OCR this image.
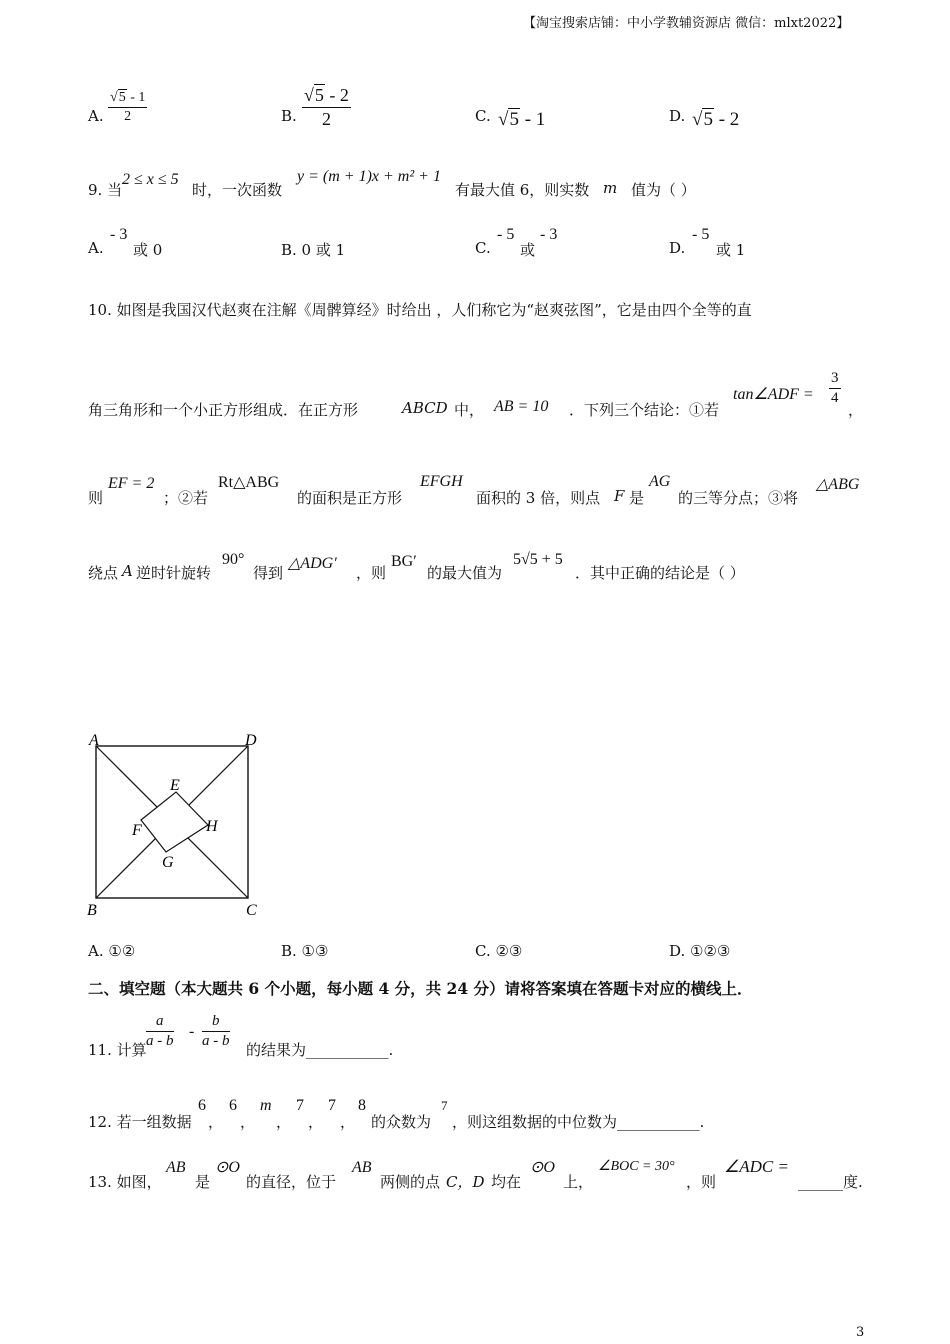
【淘宝搜索店铺：中小学教辅资源店 微信：mlxt2022】
A. $\frac{√5 - 1}{2}$	B. $\frac{√5 - 2}{2}$	C. √5 - 1	D. √5 - 2
9. 当
2 ≤ x ≤ 5
时，一次函数
y = (m + 1)x + m² + 1
有最大值 6，则实数 m 值为（ ）
A.
- 3
或 0	B. 0 或 1	C.
- 5
或
- 3
D.
- 5
或 1
10. 如图是我国汉代赵爽在注解《周髀算经》时给出 ，人们称它为“赵爽弦图”，它是由四个全等的直
角三角形和一个小正方形组成．在正方形	ABCD 中， AB = 10 ．下列三个结论：①若
tan∠ADF = $\frac{3}{4}$
，
则
EF = 2
；②若
Rt△ABG
的面积是正方形
EFGH
面积的 3 倍，则点 F 是
AG
的三等分点；③将
△ABG
绕点 A 逆时针旋转
90°
得到
△ADG′
，则
BG′
的最大值为
5√5 + 5
．其中正确的结论是（ ）
A	D
B	C
E
F
G
H
A. ①②	B. ①③	C. ②③	D. ①②③
二、填空题（本大题共 6 个小题，每小题 4 分，共 24 分）请将答案填在答题卡对应的横线上．
11. 计算 $\frac{a}{a - b} - \frac{b}{a - b}$ 的结果为___________.
12. 若一组数据
6
，
6
，
m
，
7
，
7
，
8
的众数为
7
，则这组数据的中位数为___________.
13. 如图，
AB
是
⊙O
的直径，位于
AB
两侧的点 C，D 均在
⊙O
上，
∠BOC = 30°
，则
∠ADC =
______度.
3
